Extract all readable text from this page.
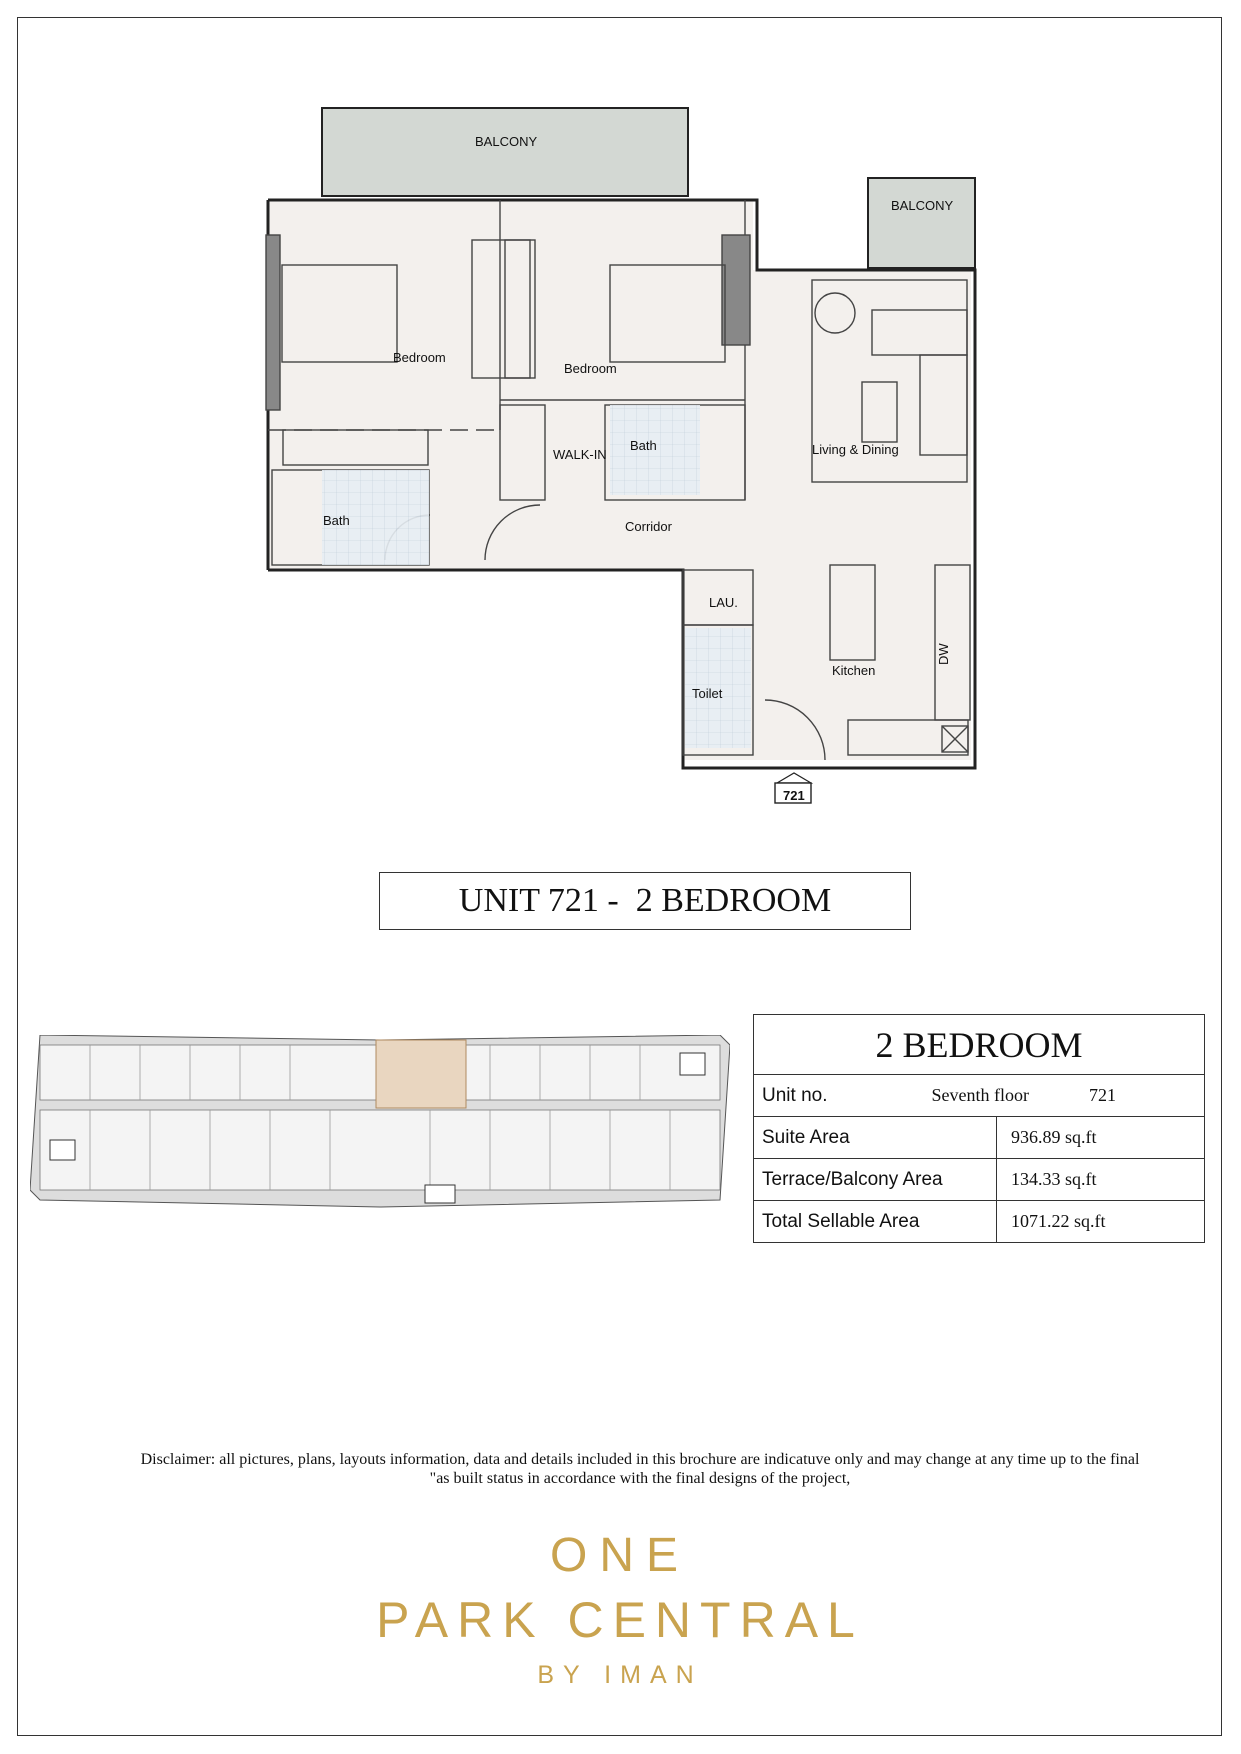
BALCONY
BALCONY
Bedroom
Bedroom
WALK-IN
Bath	Living & Dining
Bath	Corridor
LAU.
Toilet
Kitchen
DW
721
UNIT 721 -  2 BEDROOM
2 BEDROOM	

Unit no. Seventh floor 721	

Suite Area	936.89 sq.ft
Terrace/Balcony Area	134.33 sq.ft
Total Sellable Area	1071.22 sq.ft
Disclaimer: all pictures, plans, layouts information, data and details included in this brochure are indicatuve only and may change at any time up to the final
"as built status in accordance with the final designs of the project,
ONE
PARK CENTRAL
BY IMAN
